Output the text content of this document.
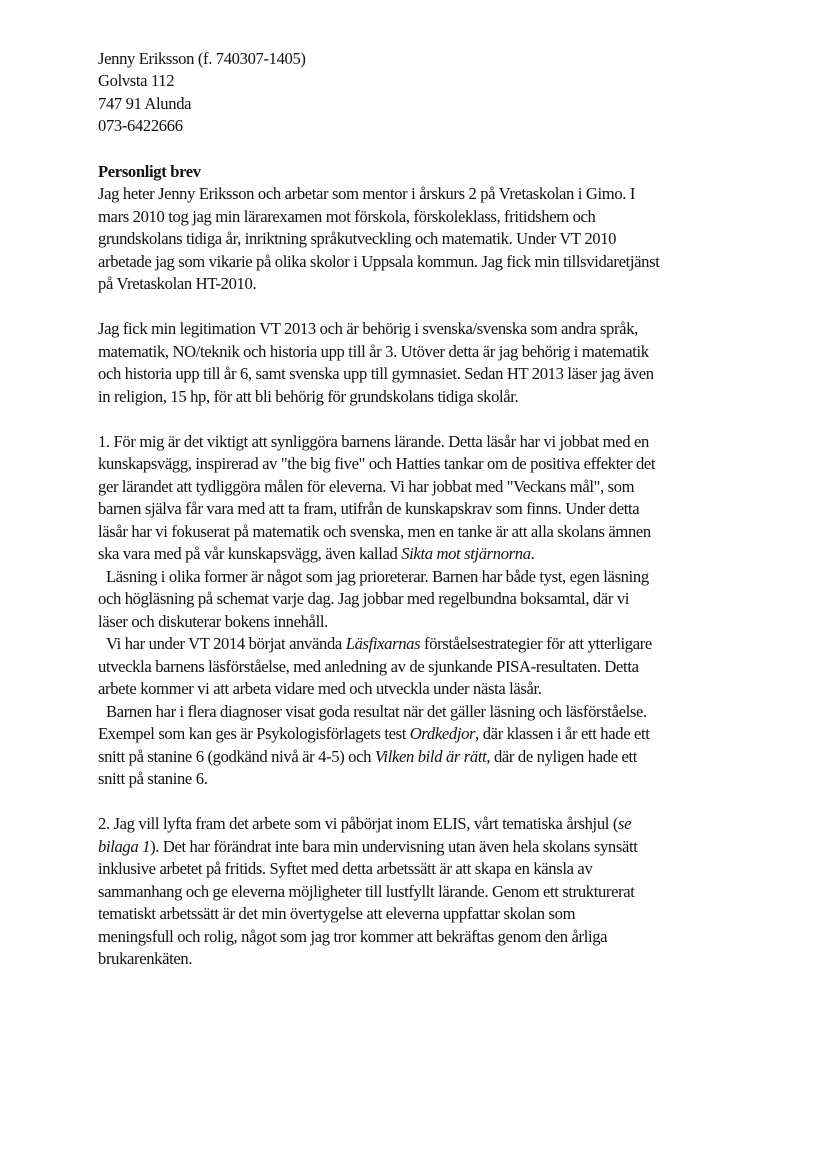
Jenny Eriksson (f. 740307-1405)
Golvsta 112
747 91 Alunda
073-6422666
Personligt brev
Jag heter Jenny Eriksson och arbetar som mentor i årskurs 2 på Vretaskolan i Gimo. I
mars 2010 tog jag min lärarexamen mot förskola, förskoleklass, fritidshem och
grundskolans tidiga år, inriktning språkutveckling och matematik. Under VT 2010
arbetade jag som vikarie på olika skolor i Uppsala kommun. Jag fick min tillsvidaretjänst
på Vretaskolan HT-2010.
Jag fick min legitimation VT 2013 och är behörig i svenska/svenska som andra språk,
matematik, NO/teknik och historia upp till år 3. Utöver detta är jag behörig i matematik
och historia upp till år 6, samt svenska upp till gymnasiet. Sedan HT 2013 läser jag även
in religion, 15 hp, för att bli behörig för grundskolans tidiga skolår.
1. För mig är det viktigt att synliggöra barnens lärande. Detta läsår har vi jobbat med en
kunskapsvägg, inspirerad av "the big five" och Hatties tankar om de positiva effekter det
ger lärandet att tydliggöra målen för eleverna. Vi har jobbat med "Veckans mål", som
barnen själva får vara med att ta fram, utifrån de kunskapskrav som finns. Under detta
läsår har vi fokuserat på matematik och svenska, men en tanke är att alla skolans ämnen
ska vara med på vår kunskapsvägg, även kallad Sikta mot stjärnorna.
Läsning i olika former är något som jag prioreterar. Barnen har både tyst, egen läsning
och högläsning på schemat varje dag. Jag jobbar med regelbundna boksamtal, där vi
läser och diskuterar bokens innehåll.
Vi har under VT 2014 börjat använda Läsfixarnas förståelsestrategier för att ytterligare
utveckla barnens läsförståelse, med anledning av de sjunkande PISA-resultaten. Detta
arbete kommer vi att arbeta vidare med och utveckla under nästa läsår.
Barnen har i flera diagnoser visat goda resultat när det gäller läsning och läsförståelse.
Exempel som kan ges är Psykologisförlagets test Ordkedjor, där klassen i år ett hade ett
snitt på stanine 6 (godkänd nivå är 4-5) och Vilken bild är rätt, där de nyligen hade ett
snitt på stanine 6.
2. Jag vill lyfta fram det arbete som vi påbörjat inom ELIS, vårt tematiska årshjul (se
bilaga 1). Det har förändrat inte bara min undervisning utan även hela skolans synsätt
inklusive arbetet på fritids. Syftet med detta arbetssätt är att skapa en känsla av
sammanhang och ge eleverna möjligheter till lustfyllt lärande. Genom ett strukturerat
tematiskt arbetssätt är det min övertygelse att eleverna uppfattar skolan som
meningsfull och rolig, något som jag tror kommer att bekräftas genom den årliga
brukarenkäten.
